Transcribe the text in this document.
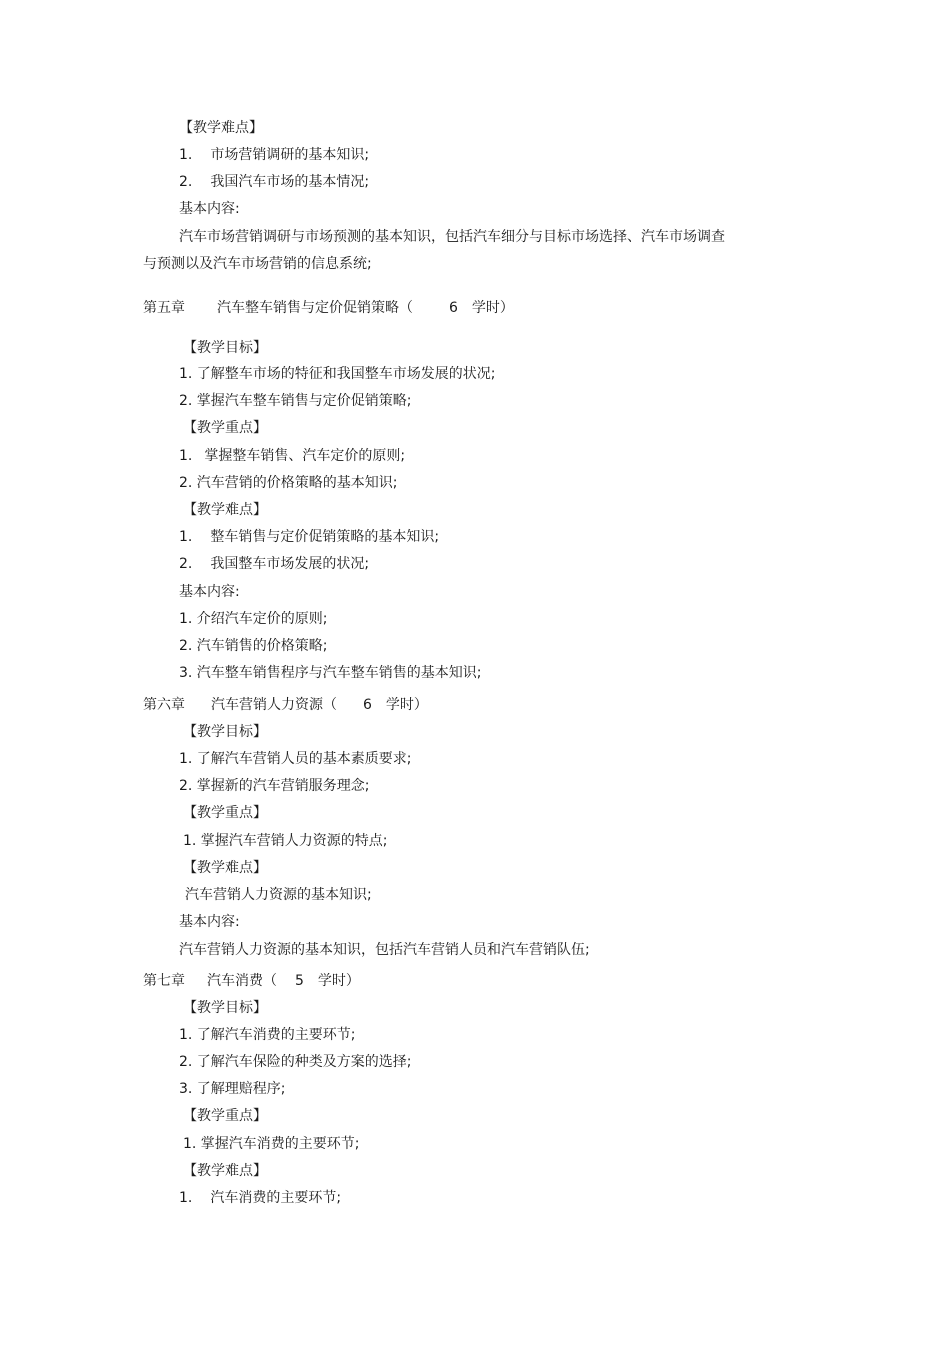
【教学难点】
1. 市场营销调研的基本知识;
2. 我国汽车市场的基本情况;
基本内容:
汽车市场营销调研与市场预测的基本知识，包括汽车细分与目标市场选择、汽车市场调查
与预测以及汽车市场营销的信息系统;
第五章 汽车整车销售与定价促销策略（	6 学时）
【教学目标】
1. 了解整车市场的特征和我国整车市场发展的状况;
2. 掌握汽车整车销售与定价促销策略;
【教学重点】
1. 掌握整车销售、汽车定价的原则;
2. 汽车营销的价格策略的基本知识;
【教学难点】
1. 整车销售与定价促销策略的基本知识;
2. 我国整车市场发展的状况;
基本内容:
1. 介绍汽车定价的原则;
2. 汽车销售的价格策略;
3. 汽车整车销售程序与汽车整车销售的基本知识;
第六章 汽车营销人力资源（ 6 学时）
【教学目标】
1. 了解汽车营销人员的基本素质要求;
2. 掌握新的汽车营销服务理念;
【教学重点】
1. 掌握汽车营销人力资源的特点;
【教学难点】
汽车营销人力资源的基本知识;
基本内容:
汽车营销人力资源的基本知识，包括汽车营销人员和汽车营销队伍;
第七章 汽车消费（ 5 学时）
【教学目标】
1. 了解汽车消费的主要环节;
2. 了解汽车保险的种类及方案的选择;
3. 了解理赔程序;
【教学重点】
1. 掌握汽车消费的主要环节;
【教学难点】
1. 汽车消费的主要环节;
